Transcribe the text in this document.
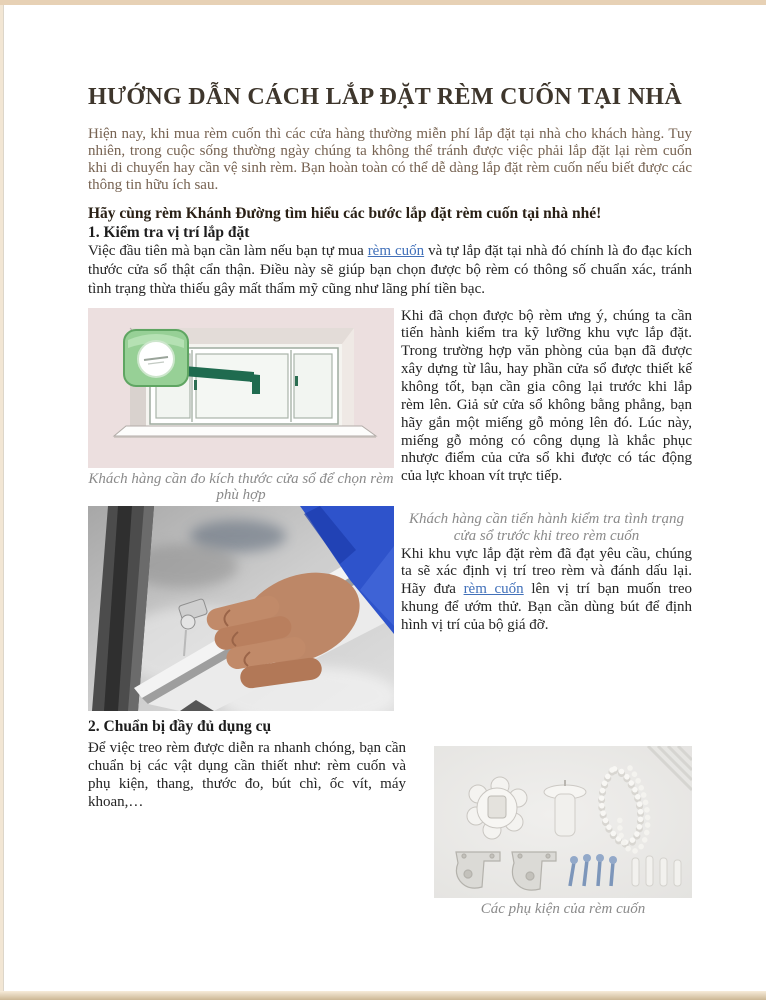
HƯỚNG DẪN CÁCH LẮP ĐẶT RÈM CUỐN TẠI NHÀ

Hiện nay, khi mua rèm cuốn thì các cửa hàng thường miễn phí lắp đặt tại nhà cho khách hàng. Tuy nhiên, trong cuộc sống thường ngày chúng ta không thể tránh được việc phải lắp đặt lại rèm cuốn khi di chuyển hay cần vệ sinh rèm. Bạn hoàn toàn có thể dễ dàng lắp đặt rèm cuốn nếu biết được các thông tin hữu ích sau.

Hãy cùng rèm Khánh Đường tìm hiểu các bước lắp đặt rèm cuốn tại nhà nhé!

1. Kiểm tra vị trí lắp đặt

Việc đầu tiên mà bạn cần làm nếu bạn tự mua rèm cuốn và tự lắp đặt tại nhà đó chính là đo đạc kích thước cửa sổ thật cẩn thận. Điều này sẽ giúp bạn chọn được bộ rèm có thông số chuẩn xác, tránh tình trạng thừa thiếu gây mất thẩm mỹ cũng như lãng phí tiền bạc.

Khách hàng cần đo kích thước cửa sổ để chọn rèm phù hợp

Khi đã chọn được bộ rèm ưng ý, chúng ta cần tiến hành kiểm tra kỹ lưỡng khu vực lắp đặt. Trong trường hợp văn phòng của bạn đã được xây dựng từ lâu, hay phần cửa sổ được thiết kế không tốt, bạn cần gia công lại trước khi lắp rèm lên. Giả sử cửa sổ không bằng phẳng, bạn hãy gắn một miếng gỗ mỏng lên đó. Lúc này, miếng gỗ mỏng có công dụng là khắc phục nhược điểm của cửa sổ khi được có tác động của lực khoan vít trực tiếp.

Khách hàng cần tiến hành kiểm tra tình trạng cửa sổ trước khi treo rèm cuốn

Khi khu vực lắp đặt rèm đã đạt yêu cầu, chúng ta sẽ xác định vị trí treo rèm và đánh dấu lại. Hãy đưa rèm cuốn lên vị trí bạn muốn treo khung để ướm thử. Bạn cần dùng bút để định hình vị trí của bộ giá đỡ.

2. Chuẩn bị đầy đủ dụng cụ

Để việc treo rèm được diễn ra nhanh chóng, bạn cần chuẩn bị các vật dụng cần thiết như: rèm cuốn và phụ kiện, thang, thước đo, bút chì, ốc vít, máy khoan,…

Các phụ kiện của rèm cuốn
